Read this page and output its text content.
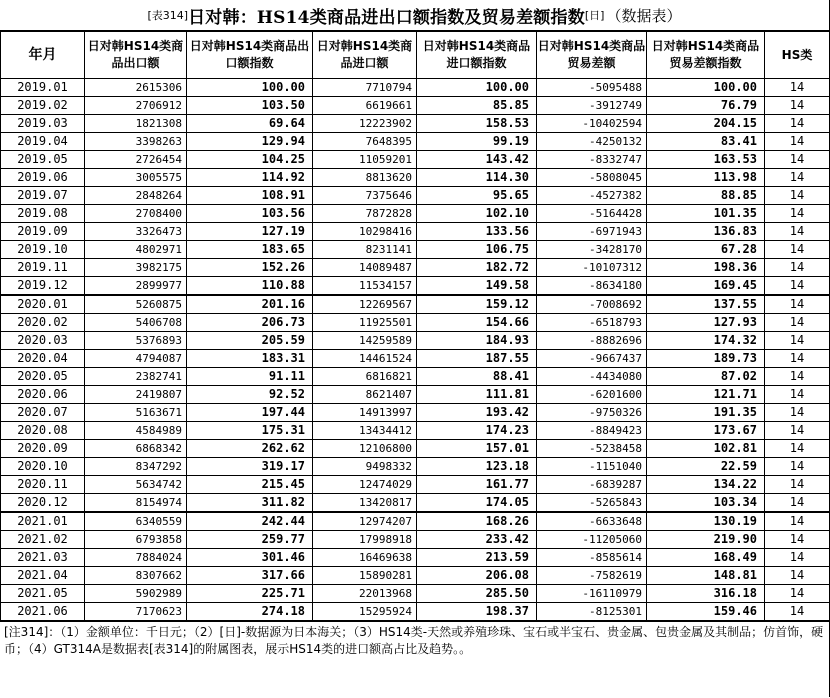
[表314] 日对韩：HS14类商品进出口额指数及贸易差额指数 [日] （数据表）
年月	日对韩HS14类商品出口额	日对韩HS14类商品出口额指数	日对韩HS14类商品进口额	日对韩HS14类商品进口额指数	日对韩HS14类商品贸易差额	日对韩HS14类商品贸易差额指数	HS类
2019.01	2615306	100.00	7710794	100.00	-5095488	100.00	14
2019.02	2706912	103.50	6619661	85.85	-3912749	76.79	14
2019.03	1821308	69.64	12223902	158.53	-10402594	204.15	14
2019.04	3398263	129.94	7648395	99.19	-4250132	83.41	14
2019.05	2726454	104.25	11059201	143.42	-8332747	163.53	14
2019.06	3005575	114.92	8813620	114.30	-5808045	113.98	14
2019.07	2848264	108.91	7375646	95.65	-4527382	88.85	14
2019.08	2708400	103.56	7872828	102.10	-5164428	101.35	14
2019.09	3326473	127.19	10298416	133.56	-6971943	136.83	14
2019.10	4802971	183.65	8231141	106.75	-3428170	67.28	14
2019.11	3982175	152.26	14089487	182.72	-10107312	198.36	14
2019.12	2899977	110.88	11534157	149.58	-8634180	169.45	14
2020.01	5260875	201.16	12269567	159.12	-7008692	137.55	14
2020.02	5406708	206.73	11925501	154.66	-6518793	127.93	14
2020.03	5376893	205.59	14259589	184.93	-8882696	174.32	14
2020.04	4794087	183.31	14461524	187.55	-9667437	189.73	14
2020.05	2382741	91.11	6816821	88.41	-4434080	87.02	14
2020.06	2419807	92.52	8621407	111.81	-6201600	121.71	14
2020.07	5163671	197.44	14913997	193.42	-9750326	191.35	14
2020.08	4584989	175.31	13434412	174.23	-8849423	173.67	14
2020.09	6868342	262.62	12106800	157.01	-5238458	102.81	14
2020.10	8347292	319.17	9498332	123.18	-1151040	22.59	14
2020.11	5634742	215.45	12474029	161.77	-6839287	134.22	14
2020.12	8154974	311.82	13420817	174.05	-5265843	103.34	14
2021.01	6340559	242.44	12974207	168.26	-6633648	130.19	14
2021.02	6793858	259.77	17998918	233.42	-11205060	219.90	14
2021.03	7884024	301.46	16469638	213.59	-8585614	168.49	14
2021.04	8307662	317.66	15890281	206.08	-7582619	148.81	14
2021.05	5902989	225.71	22013968	285.50	-16110979	316.18	14
2021.06	7170623	274.18	15295924	198.37	-8125301	159.46	14
[注314]：（1）金额单位：千日元；（2）[日]-数据源为日本海关；（3）HS14类-天然或养殖珍珠、宝石或半宝石、贵金属、包贵金属及其制品；仿首饰，硬币；（4）GT314A是数据表[表314]的附属图表，展示HS14类的进口额高占比及趋势。。
